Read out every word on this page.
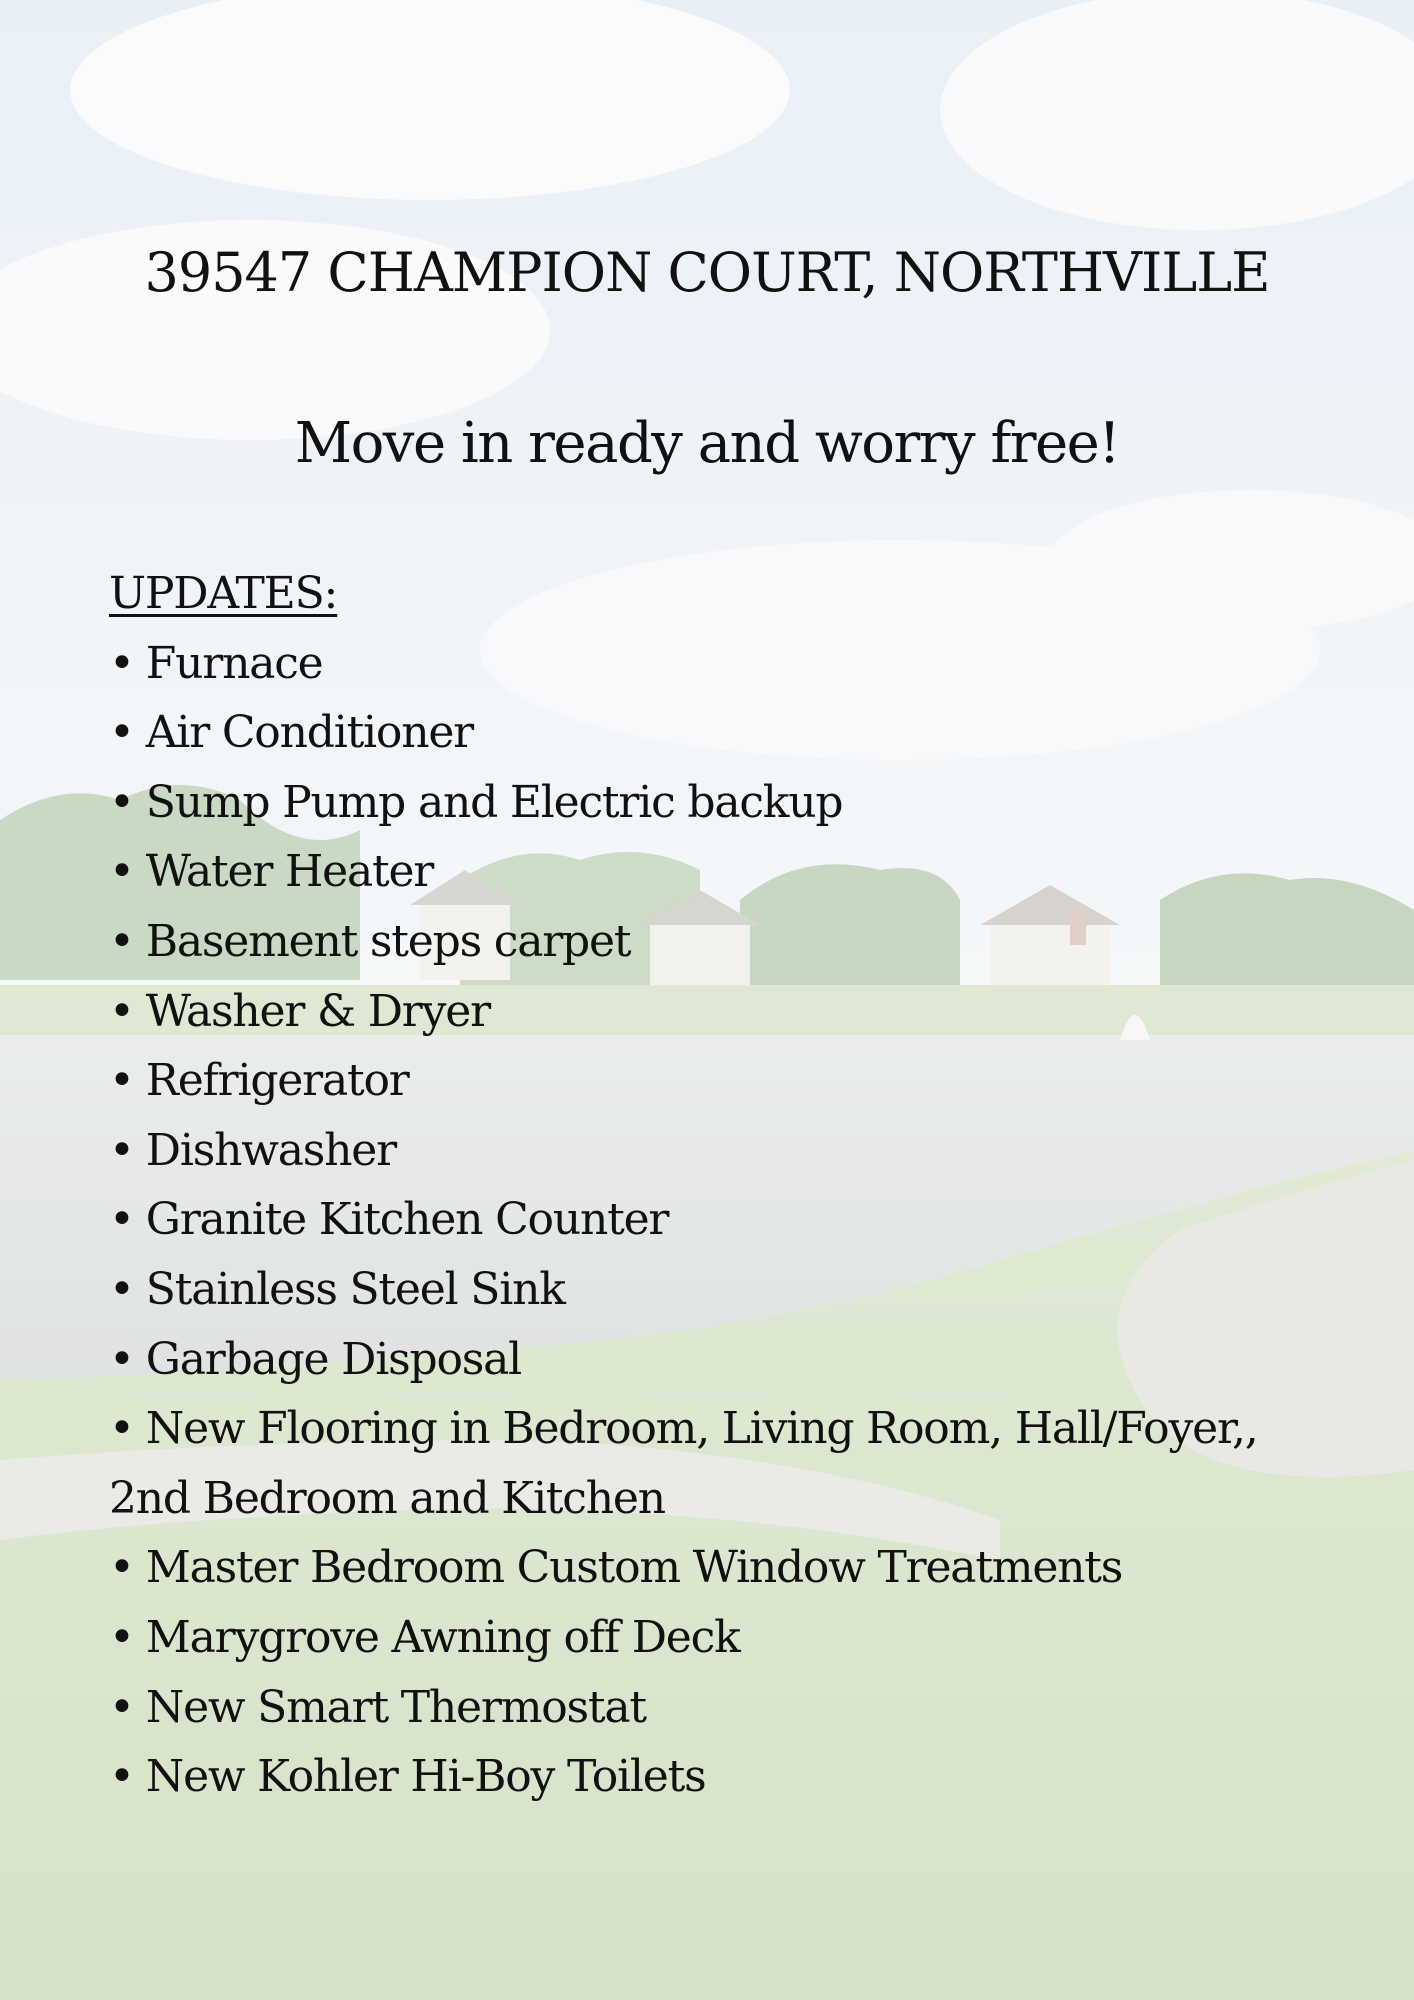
39547 CHAMPION COURT, NORTHVILLE
Move in ready and worry free!
UPDATES:
• Furnace
• Air Conditioner
• Sump Pump and Electric backup
• Water Heater
• Basement steps carpet
• Washer & Dryer
• Refrigerator
• Dishwasher
• Granite Kitchen Counter
• Stainless Steel Sink
• Garbage Disposal
• New Flooring in Bedroom, Living Room, Hall/Foyer,, 2nd Bedroom and Kitchen
• Master Bedroom Custom Window Treatments
• Marygrove Awning off Deck
• New Smart Thermostat
• New Kohler Hi-Boy Toilets
